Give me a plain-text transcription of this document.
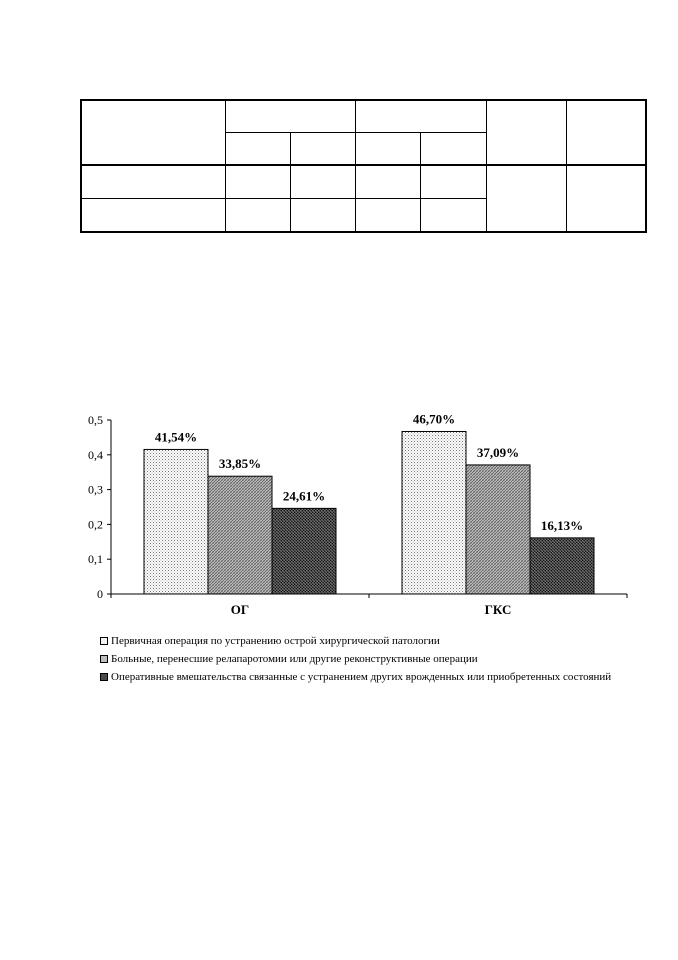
0
0,1
0,2
0,3
0,4
0,5
41,54%
33,85%
24,61%
ОГ
46,70%
37,09%
16,13%
ГКС
Первичная операция по устранению острой хирургической патологии
Больные, перенесшие релапаротомии или другие реконструктивные операции
Оперативные вмешательства связанные с устранением других врожденных или приобретенных состояний
